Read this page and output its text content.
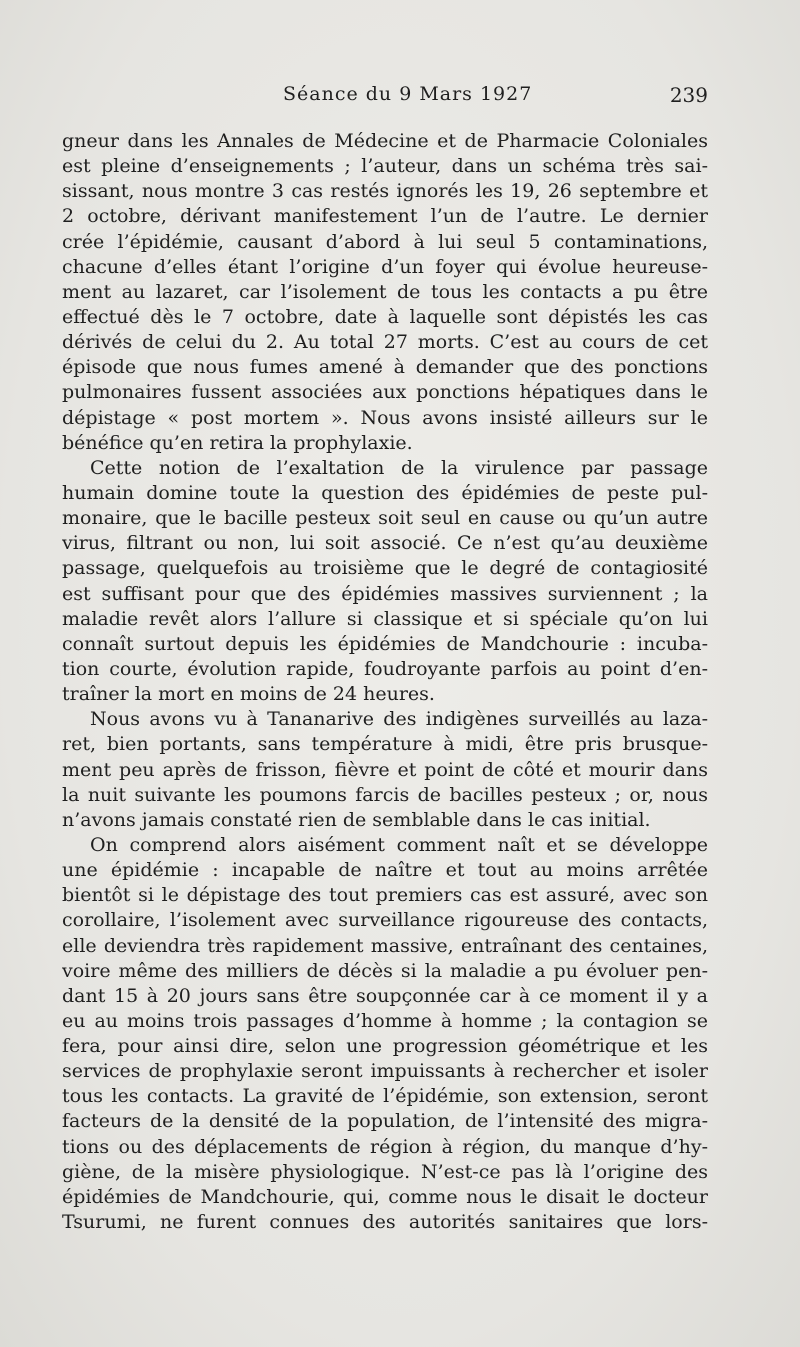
Séance du 9 Mars 1927	239
gneur dans les Annales de Médecine et de Pharmacie Coloniales
est pleine d’enseignements ; l’auteur, dans un schéma très sai-
sissant, nous montre 3 cas restés ignorés les 19, 26 septembre et
2 octobre, dérivant manifestement l’un de l’autre. Le dernier
crée l’épidémie, causant d’abord à lui seul 5 contaminations,
chacune d’elles étant l’origine d’un foyer qui évolue heureuse-
ment au lazaret, car l’isolement de tous les contacts a pu être
effectué dès le 7 octobre, date à laquelle sont dépistés les cas
dérivés de celui du 2. Au total 27 morts. C’est au cours de cet
épisode que nous fumes amené à demander que des ponctions
pulmonaires fussent associées aux ponctions hépatiques dans le
dépistage « post mortem ». Nous avons insisté ailleurs sur le
bénéfice qu’en retira la prophylaxie.
Cette notion de l’exaltation de la virulence par passage
humain domine toute la question des épidémies de peste pul-
monaire, que le bacille pesteux soit seul en cause ou qu’un autre
virus, filtrant ou non, lui soit associé. Ce n’est qu’au deuxième
passage, quelquefois au troisième que le degré de contagiosité
est suffisant pour que des épidémies massives surviennent ; la
maladie revêt alors l’allure si classique et si spéciale qu’on lui
connaît surtout depuis les épidémies de Mandchourie : incuba-
tion courte, évolution rapide, foudroyante parfois au point d’en-
traîner la mort en moins de 24 heures.
Nous avons vu à Tananarive des indigènes surveillés au laza-
ret, bien portants, sans température à midi, être pris brusque-
ment peu après de frisson, fièvre et point de côté et mourir dans
la nuit suivante les poumons farcis de bacilles pesteux ; or, nous
n’avons jamais constaté rien de semblable dans le cas initial.
On comprend alors aisément comment naît et se développe
une épidémie : incapable de naître et tout au moins arrêtée
bientôt si le dépistage des tout premiers cas est assuré, avec son
corollaire, l’isolement avec surveillance rigoureuse des contacts,
elle deviendra très rapidement massive, entraînant des centaines,
voire même des milliers de décès si la maladie a pu évoluer pen-
dant 15 à 20 jours sans être soupçonnée car à ce moment il y a
eu au moins trois passages d’homme à homme ; la contagion se
fera, pour ainsi dire, selon une progression géométrique et les
services de prophylaxie seront impuissants à rechercher et isoler
tous les contacts. La gravité de l’épidémie, son extension, seront
facteurs de la densité de la population, de l’intensité des migra-
tions ou des déplacements de région à région, du manque d’hy-
giène, de la misère physiologique. N’est-ce pas là l’origine des
épidémies de Mandchourie, qui, comme nous le disait le docteur
Tsurumi, ne furent connues des autorités sanitaires que lors-
